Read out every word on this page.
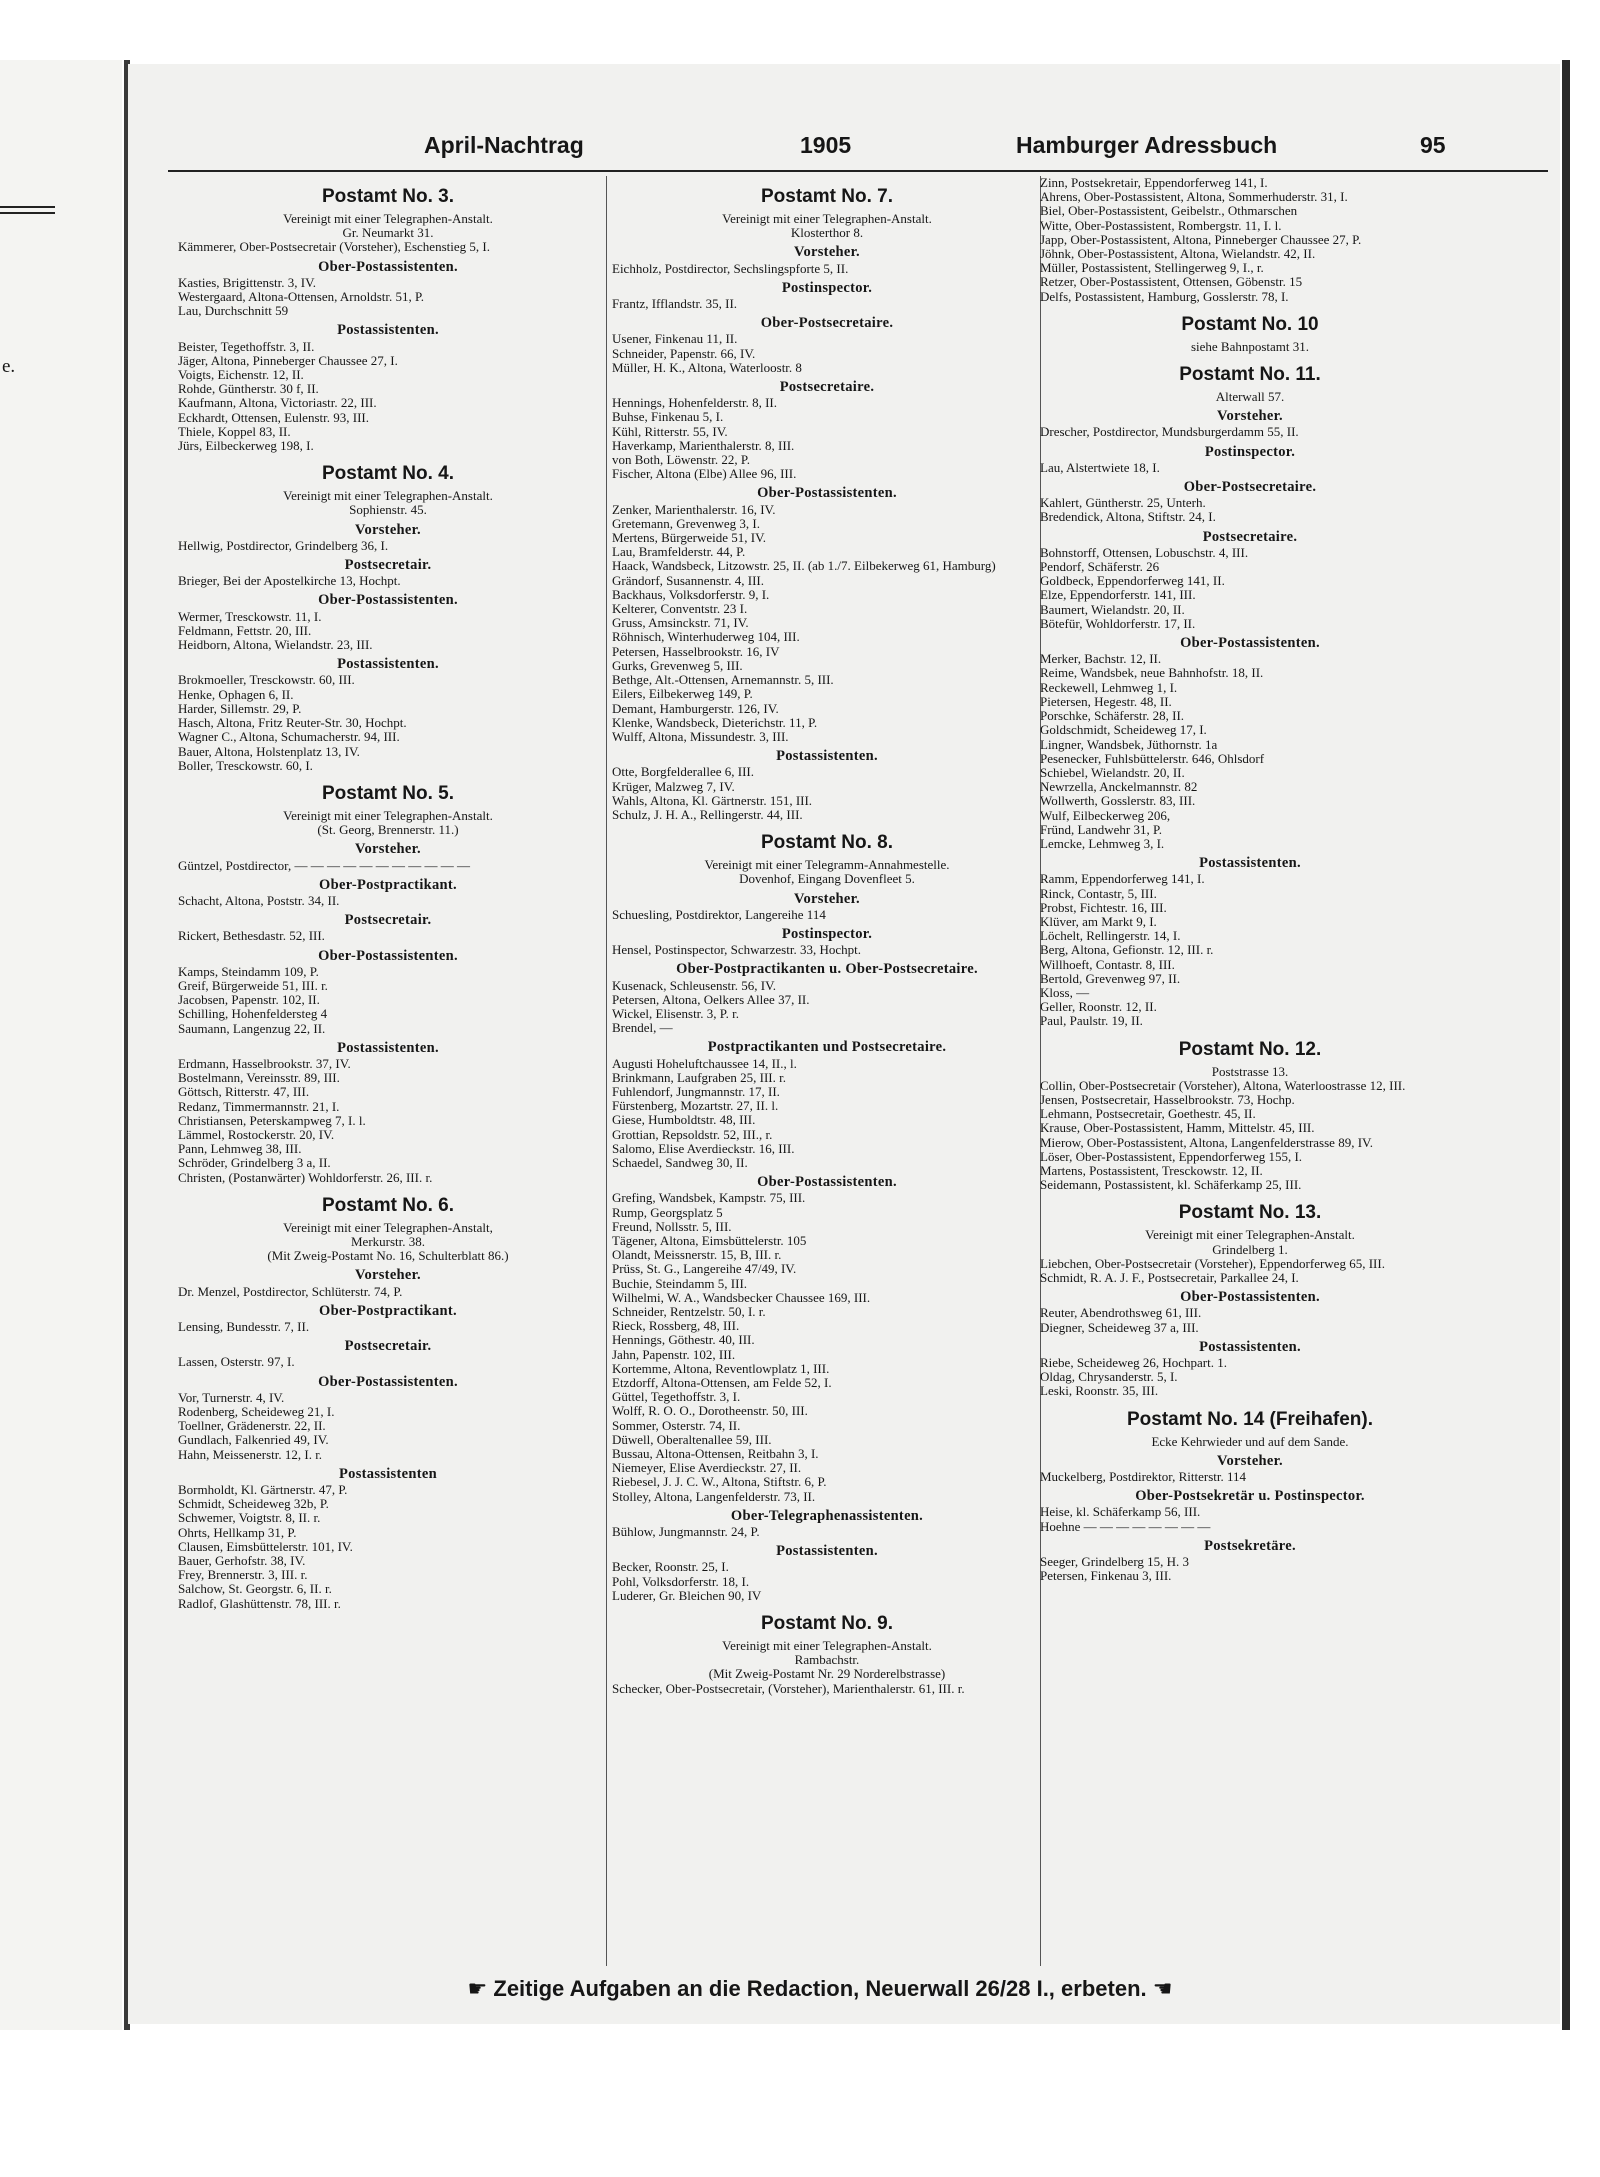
e.
April-Nachtrag	1905	Hamburger Adressbuch	95
Postamt No. 3.
Vereinigt mit einer Telegraphen-Anstalt.
Gr. Neumarkt 31.
Kämmerer, Ober-Postsecretair (Vorsteher), Eschenstieg 5, I.
Ober-Postassistenten.
Kasties, Brigittenstr. 3, IV.
Westergaard, Altona-Ottensen, Arnoldstr. 51, P.
Lau, Durchschnitt 59
Postassistenten.
Beister, Tegethoffstr. 3, II.
Jäger, Altona, Pinneberger Chaussee 27, I.
Voigts, Eichenstr. 12, II.
Rohde, Güntherstr. 30 f, II.
Kaufmann, Altona, Victoriastr. 22, III.
Eckhardt, Ottensen, Eulenstr. 93, III.
Thiele, Koppel 83, II.
Jürs, Eilbeckerweg 198, I.
Postamt No. 4.
Vereinigt mit einer Telegraphen-Anstalt.
Sophienstr. 45.
Vorsteher.
Hellwig, Postdirector, Grindelberg 36, I.
Postsecretair.
Brieger, Bei der Apostelkirche 13, Hochpt.
Ober-Postassistenten.
Wermer, Tresckowstr. 11, I.
Feldmann, Fettstr. 20, III.
Heidborn, Altona, Wielandstr. 23, III.
Postassistenten.
Brokmoeller, Tresckowstr. 60, III.
Henke, Ophagen 6, II.
Harder, Sillemstr. 29, P.
Hasch, Altona, Fritz Reuter-Str. 30, Hochpt.
Wagner C., Altona, Schumacherstr. 94, III.
Bauer, Altona, Holstenplatz 13, IV.
Boller, Tresckowstr. 60, I.
Postamt No. 5.
Vereinigt mit einer Telegraphen-Anstalt.
(St. Georg, Brennerstr. 11.)
Vorsteher.
Güntzel, Postdirector, — — — — — — — — — — —
Ober-Postpractikant.
Schacht, Altona, Poststr. 34, II.
Postsecretair.
Rickert, Bethesdastr. 52, III.
Ober-Postassistenten.
Kamps, Steindamm 109, P.
Greif, Bürgerweide 51, III. r.
Jacobsen, Papenstr. 102, II.
Schilling, Hohenfeldersteg 4
Saumann, Langenzug 22, II.
Postassistenten.
Erdmann, Hasselbrookstr. 37, IV.
Bostelmann, Vereinsstr. 89, III.
Göttsch, Ritterstr. 47, III.
Redanz, Timmermannstr. 21, I.
Christiansen, Peterskampweg 7, I. l.
Lämmel, Rostockerstr. 20, IV.
Pann, Lehmweg 38, III.
Schröder, Grindelberg 3 a, II.
Christen, (Postanwärter) Wohldorferstr. 26, III. r.
Postamt No. 6.
Vereinigt mit einer Telegraphen-Anstalt,
Merkurstr. 38.
(Mit Zweig-Postamt No. 16, Schulterblatt 86.)
Vorsteher.
Dr. Menzel, Postdirector, Schlüterstr. 74, P.
Ober-Postpractikant.
Lensing, Bundesstr. 7, II.
Postsecretair.
Lassen, Osterstr. 97, I.
Ober-Postassistenten.
Vor, Turnerstr. 4, IV.
Rodenberg, Scheideweg 21, I.
Toellner, Grädenerstr. 22, II.
Gundlach, Falkenried 49, IV.
Hahn, Meissenerstr. 12, I. r.
Postassistenten
Bormholdt, Kl. Gärtnerstr. 47, P.
Schmidt, Scheideweg 32b, P.
Schwemer, Voigtstr. 8, II. r.
Ohrts, Hellkamp 31, P.
Clausen, Eimsbüttelerstr. 101, IV.
Bauer, Gerhofstr. 38, IV.
Frey, Brennerstr. 3, III. r.
Salchow, St. Georgstr. 6, II. r.
Radlof, Glashüttenstr. 78, III. r.
Postamt No. 7.
Vereinigt mit einer Telegraphen-Anstalt.
Klosterthor 8.
Vorsteher.
Eichholz, Postdirector, Sechslingspforte 5, II.
Postinspector.
Frantz, Ifflandstr. 35, II.
Ober-Postsecretaire.
Usener, Finkenau 11, II.
Schneider, Papenstr. 66, IV.
Müller, H. K., Altona, Waterloostr. 8
Postsecretaire.
Hennings, Hohenfelderstr. 8, II.
Buhse, Finkenau 5, I.
Kühl, Ritterstr. 55, IV.
Haverkamp, Marienthalerstr. 8, III.
von Both, Löwenstr. 22, P.
Fischer, Altona (Elbe) Allee 96, III.
Ober-Postassistenten.
Zenker, Marienthalerstr. 16, IV.
Gretemann, Grevenweg 3, I.
Mertens, Bürgerweide 51, IV.
Lau, Bramfelderstr. 44, P.
Haack, Wandsbeck, Litzowstr. 25, II. (ab 1./7. Eilbekerweg 61, Hamburg)
Grändorf, Susannenstr. 4, III.
Backhaus, Volksdorferstr. 9, I.
Kelterer, Conventstr. 23 I.
Gruss, Amsinckstr. 71, IV.
Röhnisch, Winterhuderweg 104, III.
Petersen, Hasselbrookstr. 16, IV
Gurks, Grevenweg 5, III.
Bethge, Alt.-Ottensen, Arnemannstr. 5, III.
Eilers, Eilbekerweg 149, P.
Demant, Hamburgerstr. 126, IV.
Klenke, Wandsbeck, Dieterichstr. 11, P.
Wulff, Altona, Missundestr. 3, III.
Postassistenten.
Otte, Borgfelderallee 6, III.
Krüger, Malzweg 7, IV.
Wahls, Altona, Kl. Gärtnerstr. 151, III.
Schulz, J. H. A., Rellingerstr. 44, III.
Postamt No. 8.
Vereinigt mit einer Telegramm-Annahmestelle.
Dovenhof, Eingang Dovenfleet 5.
Vorsteher.
Schuesling, Postdirektor, Langereihe 114
Postinspector.
Hensel, Postinspector, Schwarzestr. 33, Hochpt.
Ober-Postpractikanten u. Ober-Postsecretaire.
Kusenack, Schleusenstr. 56, IV.
Petersen, Altona, Oelkers Allee 37, II.
Wickel, Elisenstr. 3, P. r.
Brendel, —
Postpractikanten und Postsecretaire.
Augusti Hoheluftchaussee 14, II., l.
Brinkmann, Laufgraben 25, III. r.
Fuhlendorf, Jungmannstr. 17, II.
Fürstenberg, Mozartstr. 27, II. l.
Giese, Humboldtstr. 48, III.
Grottian, Repsoldstr. 52, III., r.
Salomo, Elise Averdieckstr. 16, III.
Schaedel, Sandweg 30, II.
Ober-Postassistenten.
Grefing, Wandsbek, Kampstr. 75, III.
Rump, Georgsplatz 5
Freund, Nollsstr. 5, III.
Tägener, Altona, Eimsbüttelerstr. 105
Olandt, Meissnerstr. 15, B, III. r.
Prüss, St. G., Langereihe 47/49, IV.
Buchie, Steindamm 5, III.
Wilhelmi, W. A., Wandsbecker Chaussee 169, III.
Schneider, Rentzelstr. 50, I. r.
Rieck, Rossberg, 48, III.
Hennings, Göthestr. 40, III.
Jahn, Papenstr. 102, III.
Kortemme, Altona, Reventlowplatz 1, III.
Etzdorff, Altona-Ottensen, am Felde 52, I.
Güttel, Tegethoffstr. 3, I.
Wolff, R. O. O., Dorotheenstr. 50, III.
Sommer, Osterstr. 74, II.
Düwell, Oberaltenallee 59, III.
Bussau, Altona-Ottensen, Reitbahn 3, I.
Niemeyer, Elise Averdieckstr. 27, II.
Riebesel, J. J. C. W., Altona, Stiftstr. 6, P.
Stolley, Altona, Langenfelderstr. 73, II.
Ober-Telegraphenassistenten.
Bühlow, Jungmannstr. 24, P.
Postassistenten.
Becker, Roonstr. 25, I.
Pohl, Volksdorferstr. 18, I.
Luderer, Gr. Bleichen 90, IV
Postamt No. 9.
Vereinigt mit einer Telegraphen-Anstalt.
Rambachstr.
(Mit Zweig-Postamt Nr. 29 Norderelbstrasse)
Schecker, Ober-Postsecretair, (Vorsteher), Marienthalerstr. 61, III. r.
Zinn, Postsekretair, Eppendorferweg 141, I.
Ahrens, Ober-Postassistent, Altona, Sommerhuderstr. 31, I.
Biel, Ober-Postassistent, Geibelstr., Othmarschen
Witte, Ober-Postassistent, Rombergstr. 11, I. l.
Japp, Ober-Postassistent, Altona, Pinneberger Chaussee 27, P.
Jöhnk, Ober-Postassistent, Altona, Wielandstr. 42, II.
Müller, Postassistent, Stellingerweg 9, I., r.
Retzer, Ober-Postassistent, Ottensen, Göbenstr. 15
Delfs, Postassistent, Hamburg, Gosslerstr. 78, I.
Postamt No. 10
siehe Bahnpostamt 31.
Postamt No. 11.
Alterwall 57.
Vorsteher.
Drescher, Postdirector, Mundsburgerdamm 55, II.
Postinspector.
Lau, Alstertwiete 18, I.
Ober-Postsecretaire.
Kahlert, Güntherstr. 25, Unterh.
Bredendick, Altona, Stiftstr. 24, I.
Postsecretaire.
Bohnstorff, Ottensen, Lobuschstr. 4, III.
Pendorf, Schäferstr. 26
Goldbeck, Eppendorferweg 141, II.
Elze, Eppendorferstr. 141, III.
Baumert, Wielandstr. 20, II.
Bötefür, Wohldorferstr. 17, II.
Ober-Postassistenten.
Merker, Bachstr. 12, II.
Reime, Wandsbek, neue Bahnhofstr. 18, II.
Reckewell, Lehmweg 1, I.
Pietersen, Hegestr. 48, II.
Porschke, Schäferstr. 28, II.
Goldschmidt, Scheideweg 17, I.
Lingner, Wandsbek, Jüthornstr. 1a
Pesenecker, Fuhlsbüttelerstr. 646, Ohlsdorf
Schiebel, Wielandstr. 20, II.
Newrzella, Anckelmannstr. 82
Wollwerth, Gosslerstr. 83, III.
Wulf, Eilbeckerweg 206,
Fründ, Landwehr 31, P.
Lemcke, Lehmweg 3, I.
Postassistenten.
Ramm, Eppendorferweg 141, I.
Rinck, Contastr, 5, III.
Probst, Fichtestr. 16, III.
Klüver, am Markt 9, I.
Löchelt, Rellingerstr. 14, I.
Berg, Altona, Gefionstr. 12, III. r.
Willhoeft, Contastr. 8, III.
Bertold, Grevenweg 97, II.
Kloss, —
Geller, Roonstr. 12, II.
Paul, Paulstr. 19, II.
Postamt No. 12.
Poststrasse 13.
Collin, Ober-Postsecretair (Vorsteher), Altona, Waterloostrasse 12, III.
Jensen, Postsecretair, Hasselbrookstr. 73, Hochp.
Lehmann, Postsecretair, Goethestr. 45, II.
Krause, Ober-Postassistent, Hamm, Mittelstr. 45, III.
Mierow, Ober-Postassistent, Altona, Langenfelderstrasse 89, IV.
Löser, Ober-Postassistent, Eppendorferweg 155, I.
Martens, Postassistent, Tresckowstr. 12, II.
Seidemann, Postassistent, kl. Schäferkamp 25, III.
Postamt No. 13.
Vereinigt mit einer Telegraphen-Anstalt.
Grindelberg 1.
Liebchen, Ober-Postsecretair (Vorsteher), Eppendorferweg 65, III.
Schmidt, R. A. J. F., Postsecretair, Parkallee 24, I.
Ober-Postassistenten.
Reuter, Abendrothsweg 61, III.
Diegner, Scheideweg 37 a, III.
Postassistenten.
Riebe, Scheideweg 26, Hochpart. 1.
Oldag, Chrysanderstr. 5, I.
Leski, Roonstr. 35, III.
Postamt No. 14 (Freihafen).
Ecke Kehrwieder und auf dem Sande.
Vorsteher.
Muckelberg, Postdirektor, Ritterstr. 114
Ober-Postsekretär u. Postinspector.
Heise, kl. Schäferkamp 56, III.
Hoehne — — — — — — — —
Postsekretäre.
Seeger, Grindelberg 15, H. 3
Petersen, Finkenau 3, III.
☛ Zeitige Aufgaben an die Redaction, Neuerwall 26/28 I., erbeten. ☚
